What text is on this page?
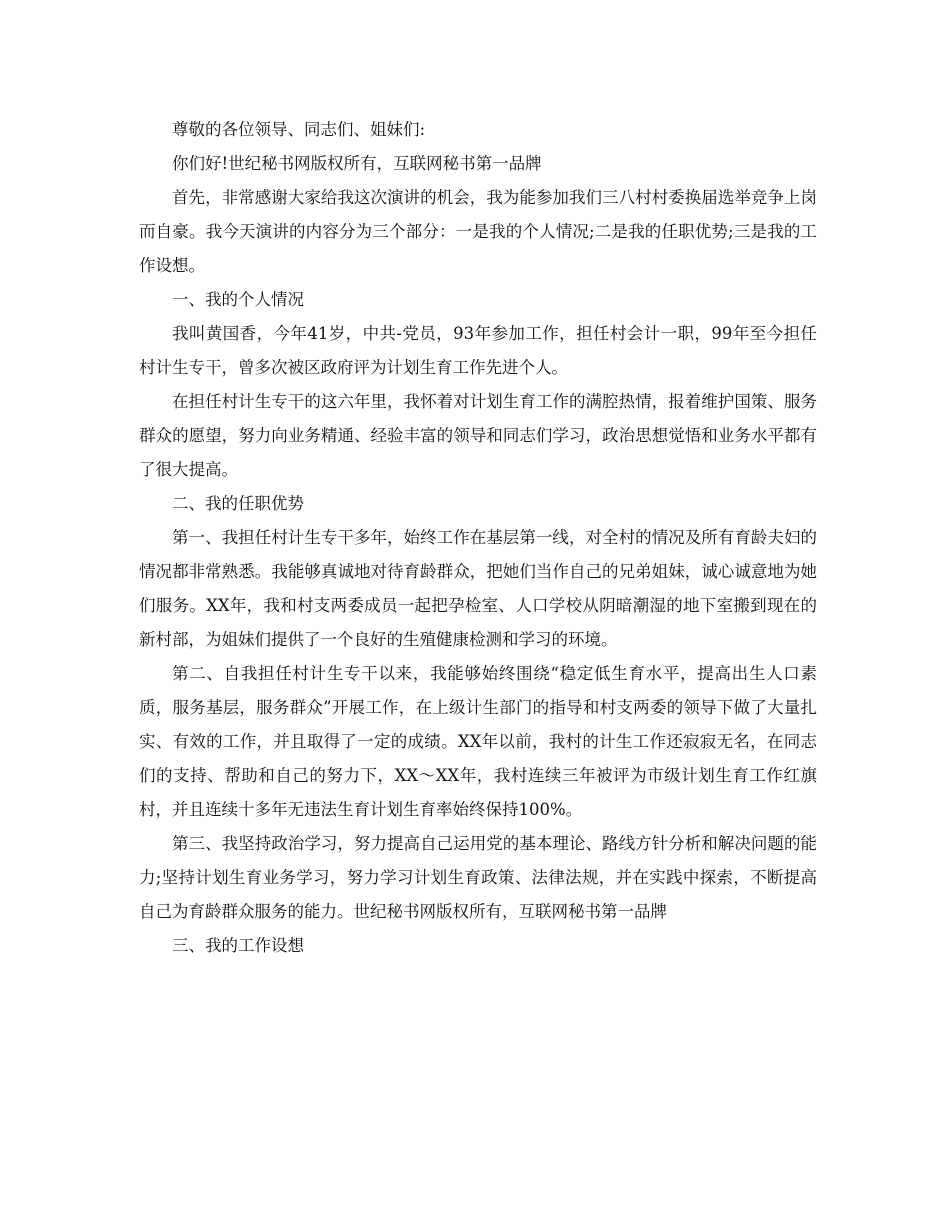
尊敬的各位领导、同志们、姐妹们:

你们好!世纪秘书网版权所有，互联网秘书第一品牌

首先，非常感谢大家给我这次演讲的机会，我为能参加我们三八村村委换届选举竞争上岗而自豪。我今天演讲的内容分为三个部分：一是我的个人情况;二是我的任职优势;三是我的工作设想。

一、我的个人情况

我叫黄国香，今年41岁，中共-党员，93年参加工作，担任村会计一职，99年至今担任村计生专干，曾多次被区政府评为计划生育工作先进个人。

在担任村计生专干的这六年里，我怀着对计划生育工作的满腔热情，报着维护国策、服务群众的愿望，努力向业务精通、经验丰富的领导和同志们学习，政治思想觉悟和业务水平都有了很大提高。

二、我的任职优势

第一、我担任村计生专干多年，始终工作在基层第一线，对全村的情况及所有育龄夫妇的情况都非常熟悉。我能够真诚地对待育龄群众，把她们当作自己的兄弟姐妹，诚心诚意地为她们服务。XX年，我和村支两委成员一起把孕检室、人口学校从阴暗潮湿的地下室搬到现在的新村部，为姐妹们提供了一个良好的生殖健康检测和学习的环境。

第二、自我担任村计生专干以来，我能够始终围绕“稳定低生育水平，提高出生人口素质，服务基层，服务群众”开展工作，在上级计生部门的指导和村支两委的领导下做了大量扎实、有效的工作，并且取得了一定的成绩。XX年以前，我村的计生工作还寂寂无名，在同志们的支持、帮助和自己的努力下，XX～XX年，我村连续三年被评为市级计划生育工作红旗村，并且连续十多年无违法生育计划生育率始终保持100%。

第三、我坚持政治学习，努力提高自己运用党的基本理论、路线方针分析和解决问题的能力;坚持计划生育业务学习，努力学习计划生育政策、法律法规，并在实践中探索，不断提高自己为育龄群众服务的能力。世纪秘书网版权所有，互联网秘书第一品牌

三、我的工作设想
